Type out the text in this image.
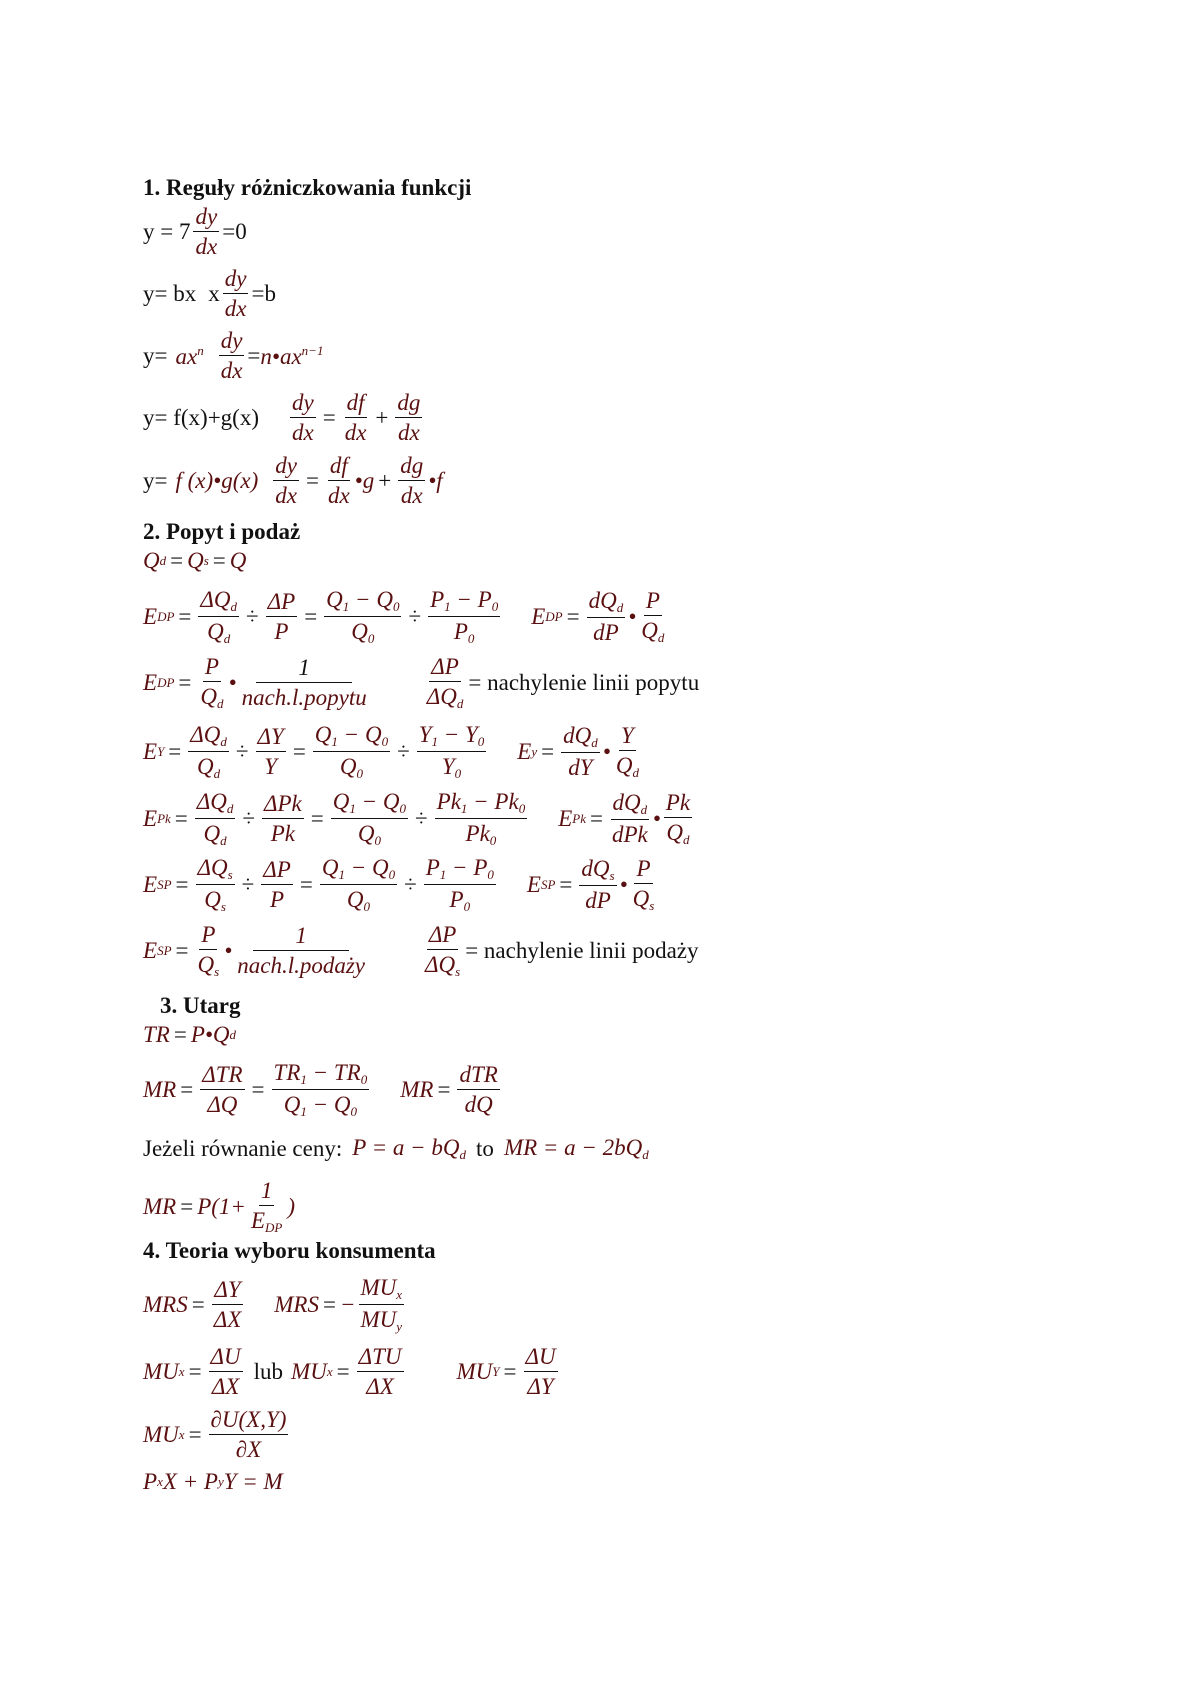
1. Reguły różniczkowania funkcji
$y = 7 \frac{dy}{dx} = 0$
y= bx x $\frac{dy}{dx} = b$
$y= ax^n \frac{dy}{dx}$ = $n•ax^{n-1}$
$y= f(x)+g(x) \frac{dy}{dx} = \frac{df}{dx} + \frac{dg}{dx}$
y= f (x)•g(x) $\frac{dy}{dx} = \frac{df}{dx}$ •g + $\frac{dg}{dx}$ •f
2. Popyt i podaż
Q d = Q s = Q
E DP = $\frac{\Delta Q_d}{Q_d} \div \frac{\Delta P}{P} = \frac{Q_1 - Q_0}{Q_0} \div \frac{P_1 - P_0}{P_0}$ E DP = $\frac{dQ_d}{dP}$ • $\frac{P}{Q_d}$
E DP = $\frac{P}{Q_d}$ • $\frac{1}{\text{nach.l.popytu}} \frac{\Delta P}{\Delta Q_d}$ = nachylenie linii popytu
E $Y = \frac{\Delta Q_d}{Q_d} \div \frac{\Delta Y}{Y} = \frac{Q_1 - Q_0}{Q_0} \div \frac{Y_1 - Y_0}{Y_0}$ E $y = \frac{dQ_d}{dY}$ • $\frac{Y}{Q_d}$
E $Pk = \frac{\Delta Q_d}{Q_d} \div \frac{\text{ΔPk}}{Pk} = \frac{Q_1 - Q_0}{Q_0} \div \frac{Pk_1 - Pk_0}{Pk_0}$ E $Pk = \frac{dQ_d}{\text{dPk}}$ • $\frac{Pk}{Q_d}$
E SP = $\frac{\Delta Q_s}{Q_s} \div \frac{\Delta P}{P} = \frac{Q_1 - Q_0}{Q_0} \div \frac{P_1 - P_0}{P_0}$ E SP = $\frac{dQ_s}{dP}$ • $\frac{P}{Q_s}$
E SP = $\frac{P}{Q_s}$ • $\frac{1}{\text{nach.l.podaży}} \frac{\Delta P}{\Delta Q_s}$ = nachylenie linii podaży
3. Utarg
TR = P•Q d
MR = $\frac{\text{ΔTR}}{\Delta Q} = \frac{TR_1 - TR_0}{Q_1 - Q_0}$ MR = $\frac{\text{dTR}}{dQ}$
Jeżeli równanie ceny: $P = a - bQ_d$ to MR = $a - 2bQ_d$
MR = $P(1+ \frac{1}{E_{DP}}$ )
4. Teoria wyboru konsumenta
MRS = $\frac{\Delta Y}{\Delta X}$ MRS = − $\frac{MU_x}{MU_y}$
MU $x = \frac{\Delta U}{\Delta X}$ lub MU $x = \frac{\text{ΔTU}}{\Delta X}$ MU $Y = \frac{\Delta U}{\Delta Y}$
MU $x = \frac{\partial U(X,Y)}{\partial X}$
P x X + P y Y = M
